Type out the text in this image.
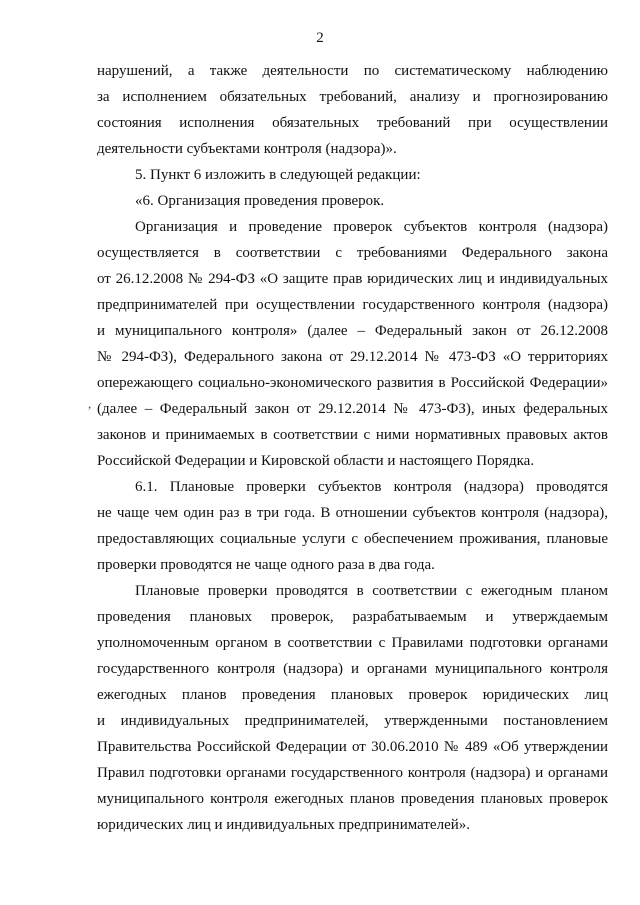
2
,
нарушений, а также деятельности по систематическому наблюдению
за исполнением обязательных требований, анализу и прогнозированию
состояния исполнения обязательных требований при осуществлении
деятельности субъектами контроля (надзора)».
5. Пункт 6 изложить в следующей редакции:
«6. Организация проведения проверок.
Организация и проведение проверок субъектов контроля (надзора)
осуществляется в соответствии с требованиями Федерального закона
от 26.12.2008 № 294-ФЗ «О защите прав юридических лиц и индивидуальных
предпринимателей при осуществлении государственного контроля (надзора)
и муниципального контроля» (далее – Федеральный закон от 26.12.2008
№ 294-ФЗ), Федерального закона от 29.12.2014 № 473-ФЗ «О территориях
опережающего социально-экономического развития в Российской Федерации»
(далее – Федеральный закон от 29.12.2014 № 473-ФЗ), иных федеральных
законов и принимаемых в соответствии с ними нормативных правовых актов
Российской Федерации и Кировской области и настоящего Порядка.
6.1. Плановые проверки субъектов контроля (надзора) проводятся
не чаще чем один раз в три года. В отношении субъектов контроля (надзора),
предоставляющих социальные услуги с обеспечением проживания, плановые
проверки проводятся не чаще одного раза в два года.
Плановые проверки проводятся в соответствии с ежегодным планом
проведения плановых проверок, разрабатываемым и утверждаемым
уполномоченным органом в соответствии с Правилами подготовки органами
государственного контроля (надзора) и органами муниципального контроля
ежегодных планов проведения плановых проверок юридических лиц
и индивидуальных предпринимателей, утвержденными постановлением
Правительства Российской Федерации от 30.06.2010 № 489 «Об утверждении
Правил подготовки органами государственного контроля (надзора) и органами
муниципального контроля ежегодных планов проведения плановых проверок
юридических лиц и индивидуальных предпринимателей».
